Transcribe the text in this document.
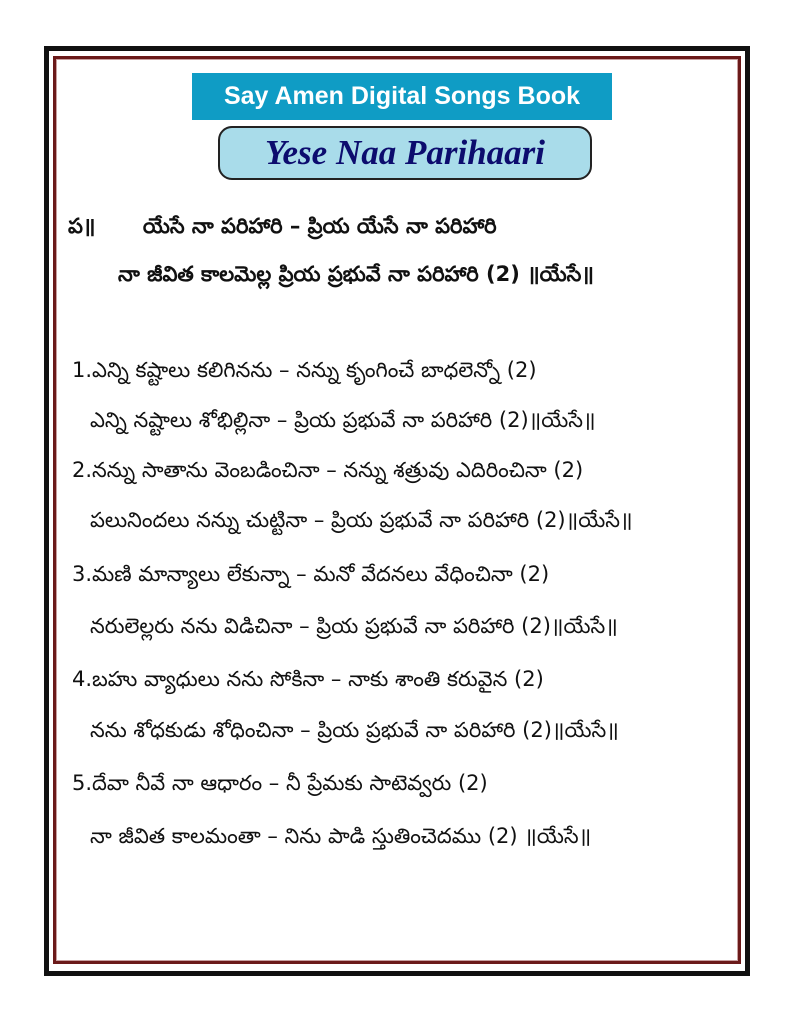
Say Amen Digital Songs Book
Yese Naa Parihaari
ప॥ యేసే నా పరిహారి – ప్రియ యేసే నా పరిహారి
నా జీవిత కాలమెల్ల ప్రియ ప్రభువే నా పరిహారి (2) ॥యేసే॥
1.ఎన్ని కష్టాలు కలిగినను – నన్ను కృంగించే బాధలెన్నో (2)
ఎన్ని నష్టాలు శోభిల్లినా – ప్రియ ప్రభువే నా పరిహారి (2)॥యేసే॥
2.నన్ను సాతాను వెంబడించినా – నన్ను శత్రువు ఎదిరించినా (2)
పలునిందలు నన్ను చుట్టినా – ప్రియ ప్రభువే నా పరిహారి (2)॥యేసే॥
3.మణి మాన్యాలు లేకున్నా – మనో వేదనలు వేధించినా (2)
నరులెల్లరు నను విడిచినా – ప్రియ ప్రభువే నా పరిహారి (2)॥యేసే॥
4.బహు వ్యాధులు నను సోకినా – నాకు శాంతి కరువైన (2)
నను శోధకుడు శోధించినా – ప్రియ ప్రభువే నా పరిహారి (2)॥యేసే॥
5.దేవా నీవే నా ఆధారం – నీ ప్రేమకు సాటెవ్వరు (2)
నా జీవిత కాలమంతా – నిను పాడి స్తుతించెదము (2) ॥యేసే॥
